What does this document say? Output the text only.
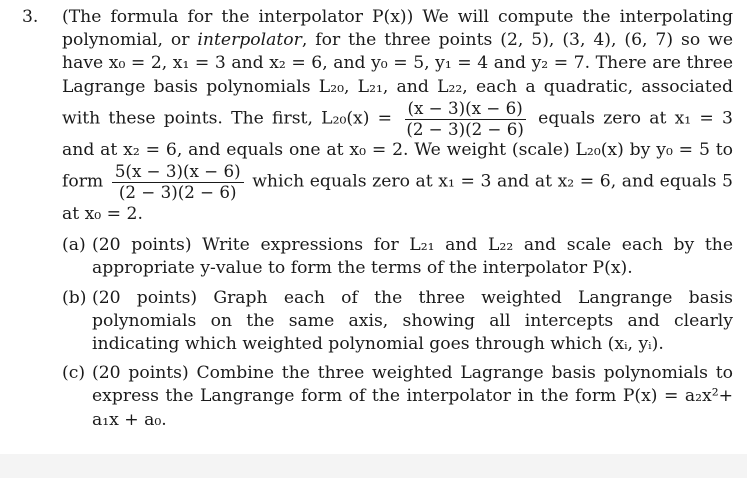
3.	(The formula for the interpolator P(x)) We will compute the interpolating polynomial, or interpolator, for the three points (2, 5), (3, 4), (6, 7) so we have x₀ = 2, x₁ = 3 and x₂ = 6, and y₀ = 5, y₁ = 4 and y₂ = 7. There are three Lagrange basis polynomials L₂₀, L₂₁, and L₂₂, each a quadratic, associated with these points. The first, $L_{20}(x) = \frac{(x - 3)(x - 6)}{(2 - 3)(2 - 6)}$ equals zero at x₁ = 3 and at x₂ = 6, and equals one at x₀ = 2. We weight (scale) L₂₀(x) by y₀ = 5 to form $\frac{5(x - 3)(x - 6)}{(2 - 3)(2 - 6)}$ which equals zero at x₁ = 3 and at x₂ = 6, and equals 5 at x₀ = 2.

(a) (20 points) Write expressions for L₂₁ and L₂₂ and scale each by the appropriate y-value to form the terms of the interpolator P(x).
(b) (20 points) Graph each of the three weighted Langrange basis polynomials on the same axis, showing all intercepts and clearly indicating which weighted polynomial goes through which (xᵢ, yᵢ).
(c) (20 points) Combine the three weighted Lagrange basis polynomials to express the Langrange form of the interpolator in the form P(x) = a₂x²+ a₁x + a₀.
